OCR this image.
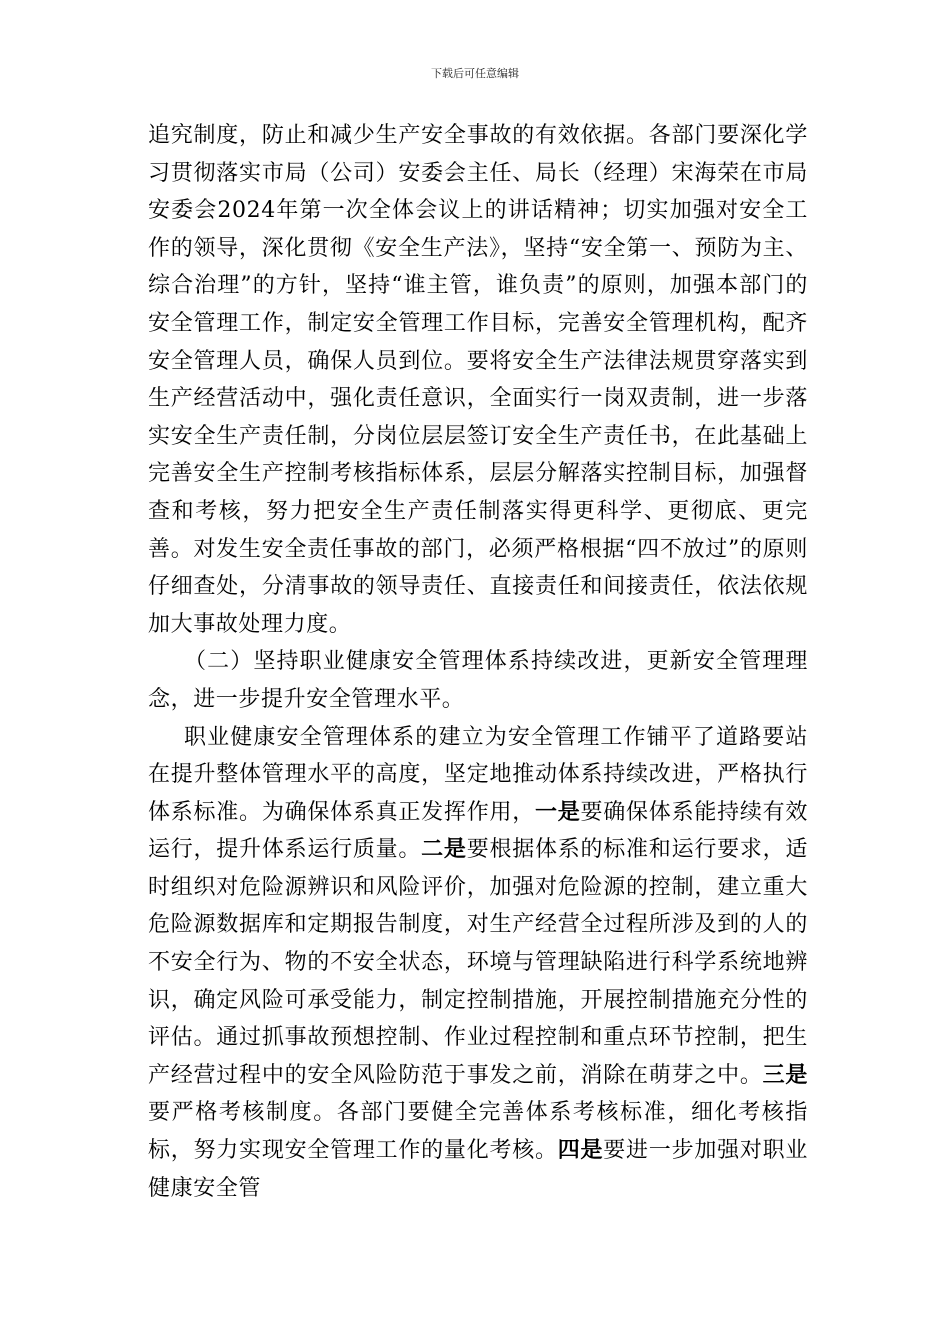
下载后可任意编辑

追究制度，防止和减少生产安全事故的有效依据。各部门要深化学习贯彻落实市局（公司）安委会主任、局长（经理）宋海荣在市局安委会2024年第一次全体会议上的讲话精神；切实加强对安全工作的领导，深化贯彻《安全生产法》，坚持“安全第一、预防为主、综合治理”的方针，坚持“谁主管，谁负责”的原则，加强本部门的安全管理工作，制定安全管理工作目标，完善安全管理机构，配齐安全管理人员，确保人员到位。要将安全生产法律法规贯穿落实到生产经营活动中，强化责任意识，全面实行一岗双责制，进一步落实安全生产责任制，分岗位层层签订安全生产责任书，在此基础上完善安全生产控制考核指标体系，层层分解落实控制目标，加强督查和考核，努力把安全生产责任制落实得更科学、更彻底、更完善。对发生安全责任事故的部门，必须严格根据“四不放过”的原则仔细查处，分清事故的领导责任、直接责任和间接责任，依法依规加大事故处理力度。

（二）坚持职业健康安全管理体系持续改进，更新安全管理理念，进一步提升安全管理水平。

职业健康安全管理体系的建立为安全管理工作铺平了道路要站在提升整体管理水平的高度，坚定地推动体系持续改进，严格执行体系标准。为确保体系真正发挥作用，一是要确保体系能持续有效运行，提升体系运行质量。二是要根据体系的标准和运行要求，适时组织对危险源辨识和风险评价，加强对危险源的控制，建立重大危险源数据库和定期报告制度，对生产经营全过程所涉及到的人的不安全行为、物的不安全状态，环境与管理缺陷进行科学系统地辨识，确定风险可承受能力，制定控制措施，开展控制措施充分性的评估。通过抓事故预想控制、作业过程控制和重点环节控制，把生产经营过程中的安全风险防范于事发之前，消除在萌芽之中。三是要严格考核制度。各部门要健全完善体系考核标准，细化考核指标，努力实现安全管理工作的量化考核。四是要进一步加强对职业健康安全管
